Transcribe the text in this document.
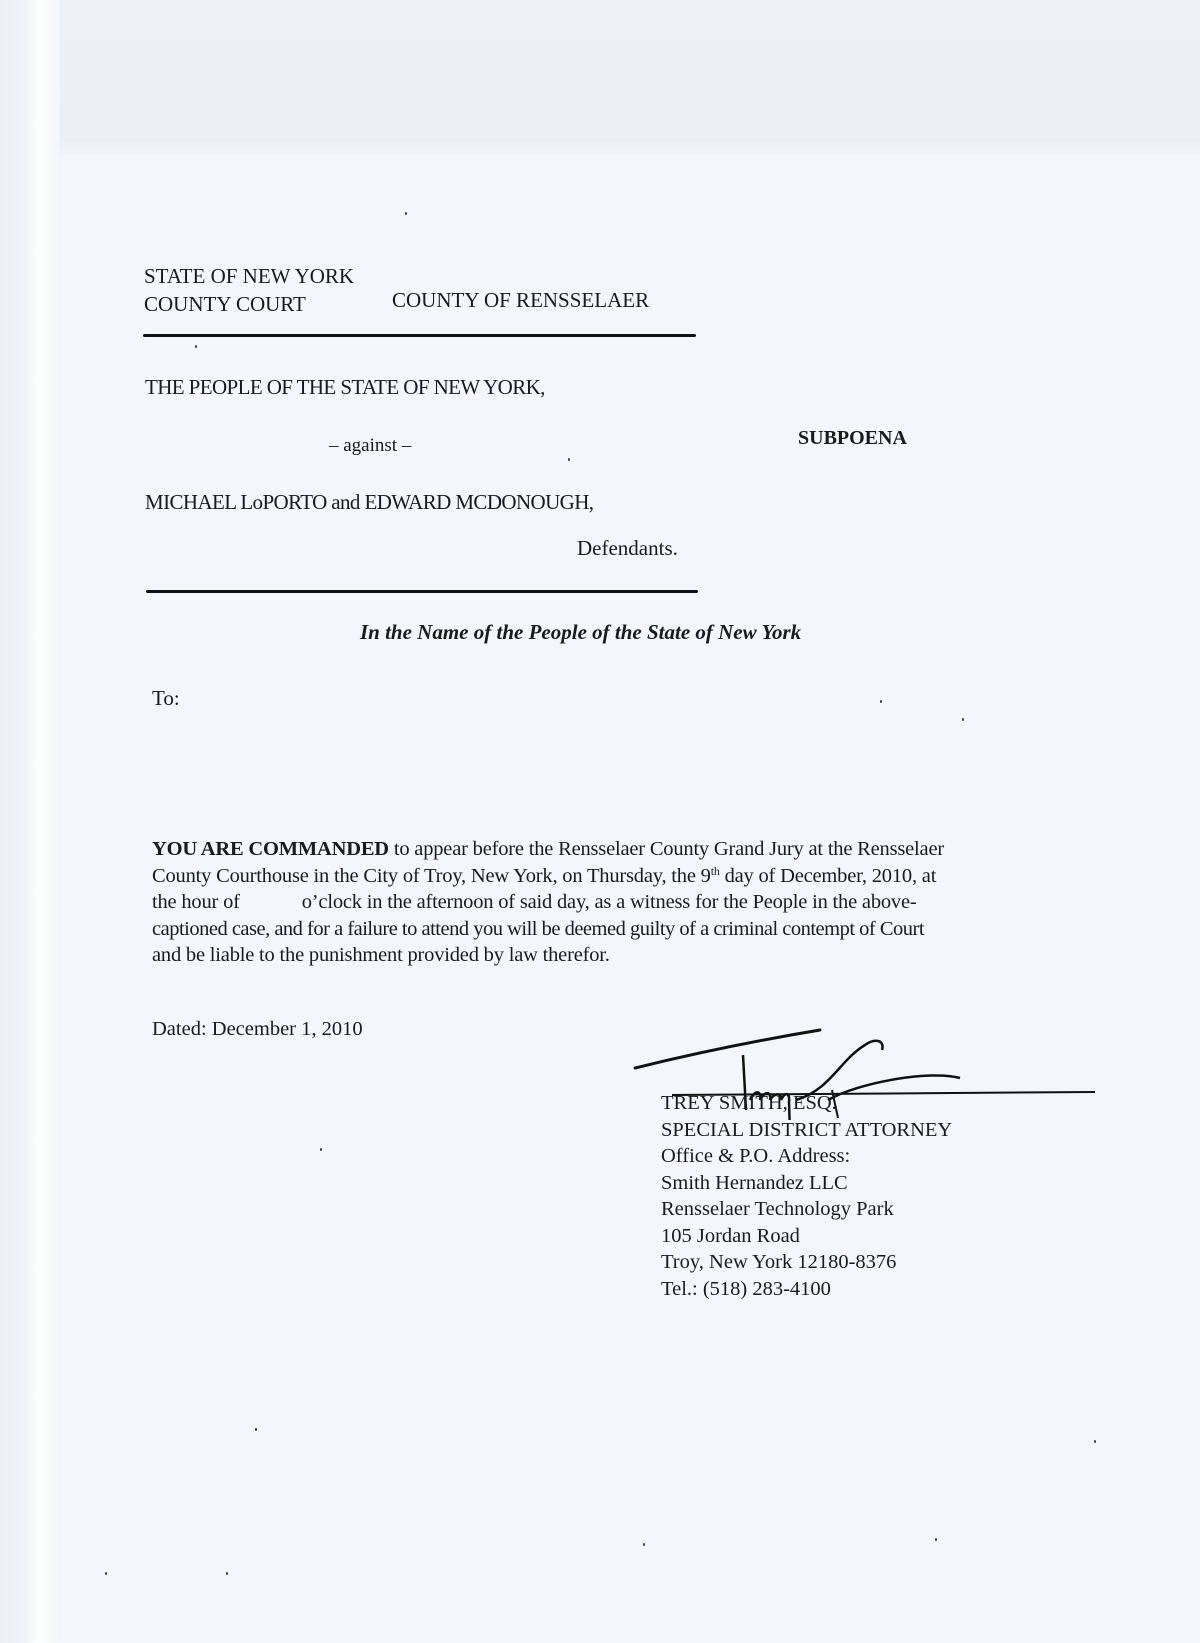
STATE OF NEW YORK
COUNTY COURT	COUNTY OF RENSSELAER
THE PEOPLE OF THE STATE OF NEW YORK,
– against –	SUBPOENA
MICHAEL LoPORTO and EDWARD MCDONOUGH,
Defendants.
In the Name of the People of the State of New York
To:
YOU ARE COMMANDED to appear before the Rensselaer County Grand Jury at the Rensselaer
County Courthouse in the City of Troy, New York, on Thursday, the 9th day of December, 2010, at
the hour of	o’clock in the afternoon of said day, as a witness for the People in the above-
captioned case, and for a failure to attend you will be deemed guilty of a criminal contempt of Court
and be liable to the punishment provided by law therefor.
Dated: December 1, 2010
TREY SMITH, ESQ.
SPECIAL DISTRICT ATTORNEY
Office & P.O. Address:
Smith Hernandez LLC
Rensselaer Technology Park
105 Jordan Road
Troy, New York 12180-8376
Tel.: (518) 283-4100
